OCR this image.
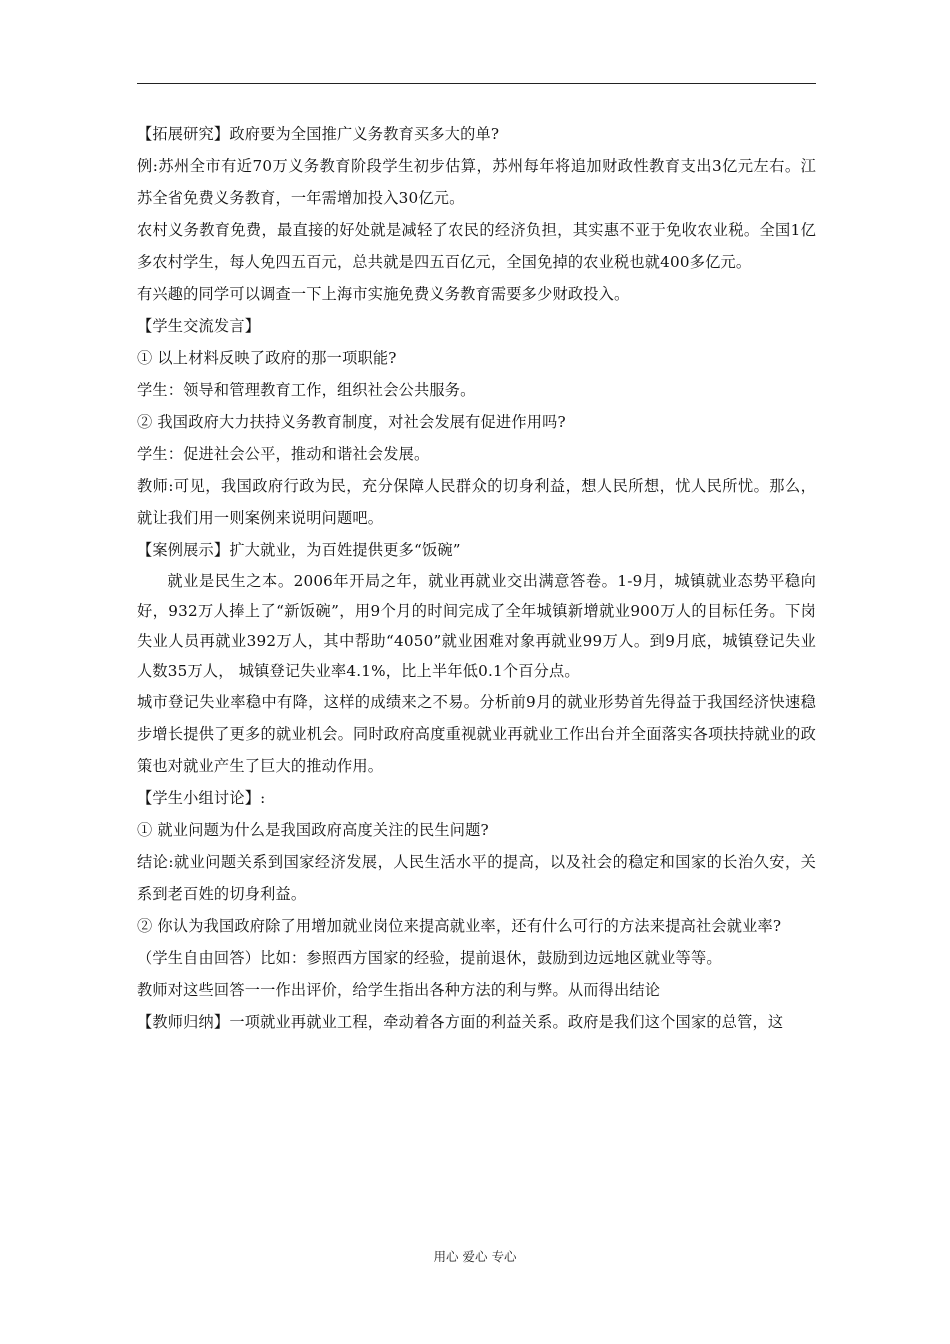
【拓展研究】政府要为全国推广义务教育买多大的单?

例:苏州全市有近70万义务教育阶段学生初步估算，苏州每年将追加财政性教育支出3亿元左右。江苏全省免费义务教育，一年需增加投入30亿元。

农村义务教育免费，最直接的好处就是减轻了农民的经济负担，其实惠不亚于免收农业税。全国1亿多农村学生，每人免四五百元，总共就是四五百亿元，全国免掉的农业税也就400多亿元。

有兴趣的同学可以调查一下上海市实施免费义务教育需要多少财政投入。

【学生交流发言】

① 以上材料反映了政府的那一项职能?

学生：领导和管理教育工作，组织社会公共服务。

② 我国政府大力扶持义务教育制度，对社会发展有促进作用吗?

学生：促进社会公平，推动和谐社会发展。

教师:可见，我国政府行政为民，充分保障人民群众的切身利益，想人民所想，忧人民所忧。那么，就让我们用一则案例来说明问题吧。

【案例展示】扩大就业，为百姓提供更多“饭碗”

就业是民生之本。2006年开局之年，就业再就业交出满意答卷。1-9月，城镇就业态势平稳向好，932万人捧上了“新饭碗”，用9个月的时间完成了全年城镇新增就业900万人的目标任务。下岗失业人员再就业392万人，其中帮助“4050”就业困难对象再就业99万人。到9月底，城镇登记失业人数35万人， 城镇登记失业率4.1%，比上半年低0.1个百分点。

城市登记失业率稳中有降，这样的成绩来之不易。分析前9月的就业形势首先得益于我国经济快速稳步增长提供了更多的就业机会。同时政府高度重视就业再就业工作出台并全面落实各项扶持就业的政策也对就业产生了巨大的推动作用。

【学生小组讨论】:

① 就业问题为什么是我国政府高度关注的民生问题?

结论:就业问题关系到国家经济发展，人民生活水平的提高，以及社会的稳定和国家的长治久安，关系到老百姓的切身利益。

② 你认为我国政府除了用增加就业岗位来提高就业率，还有什么可行的方法来提高社会就业率?

（学生自由回答）比如：参照西方国家的经验，提前退休，鼓励到边远地区就业等等。

教师对这些回答一一作出评价，给学生指出各种方法的利与弊。从而得出结论

【教师归纳】一项就业再就业工程，牵动着各方面的利益关系。政府是我们这个国家的总管，这

用心 爱心 专心
